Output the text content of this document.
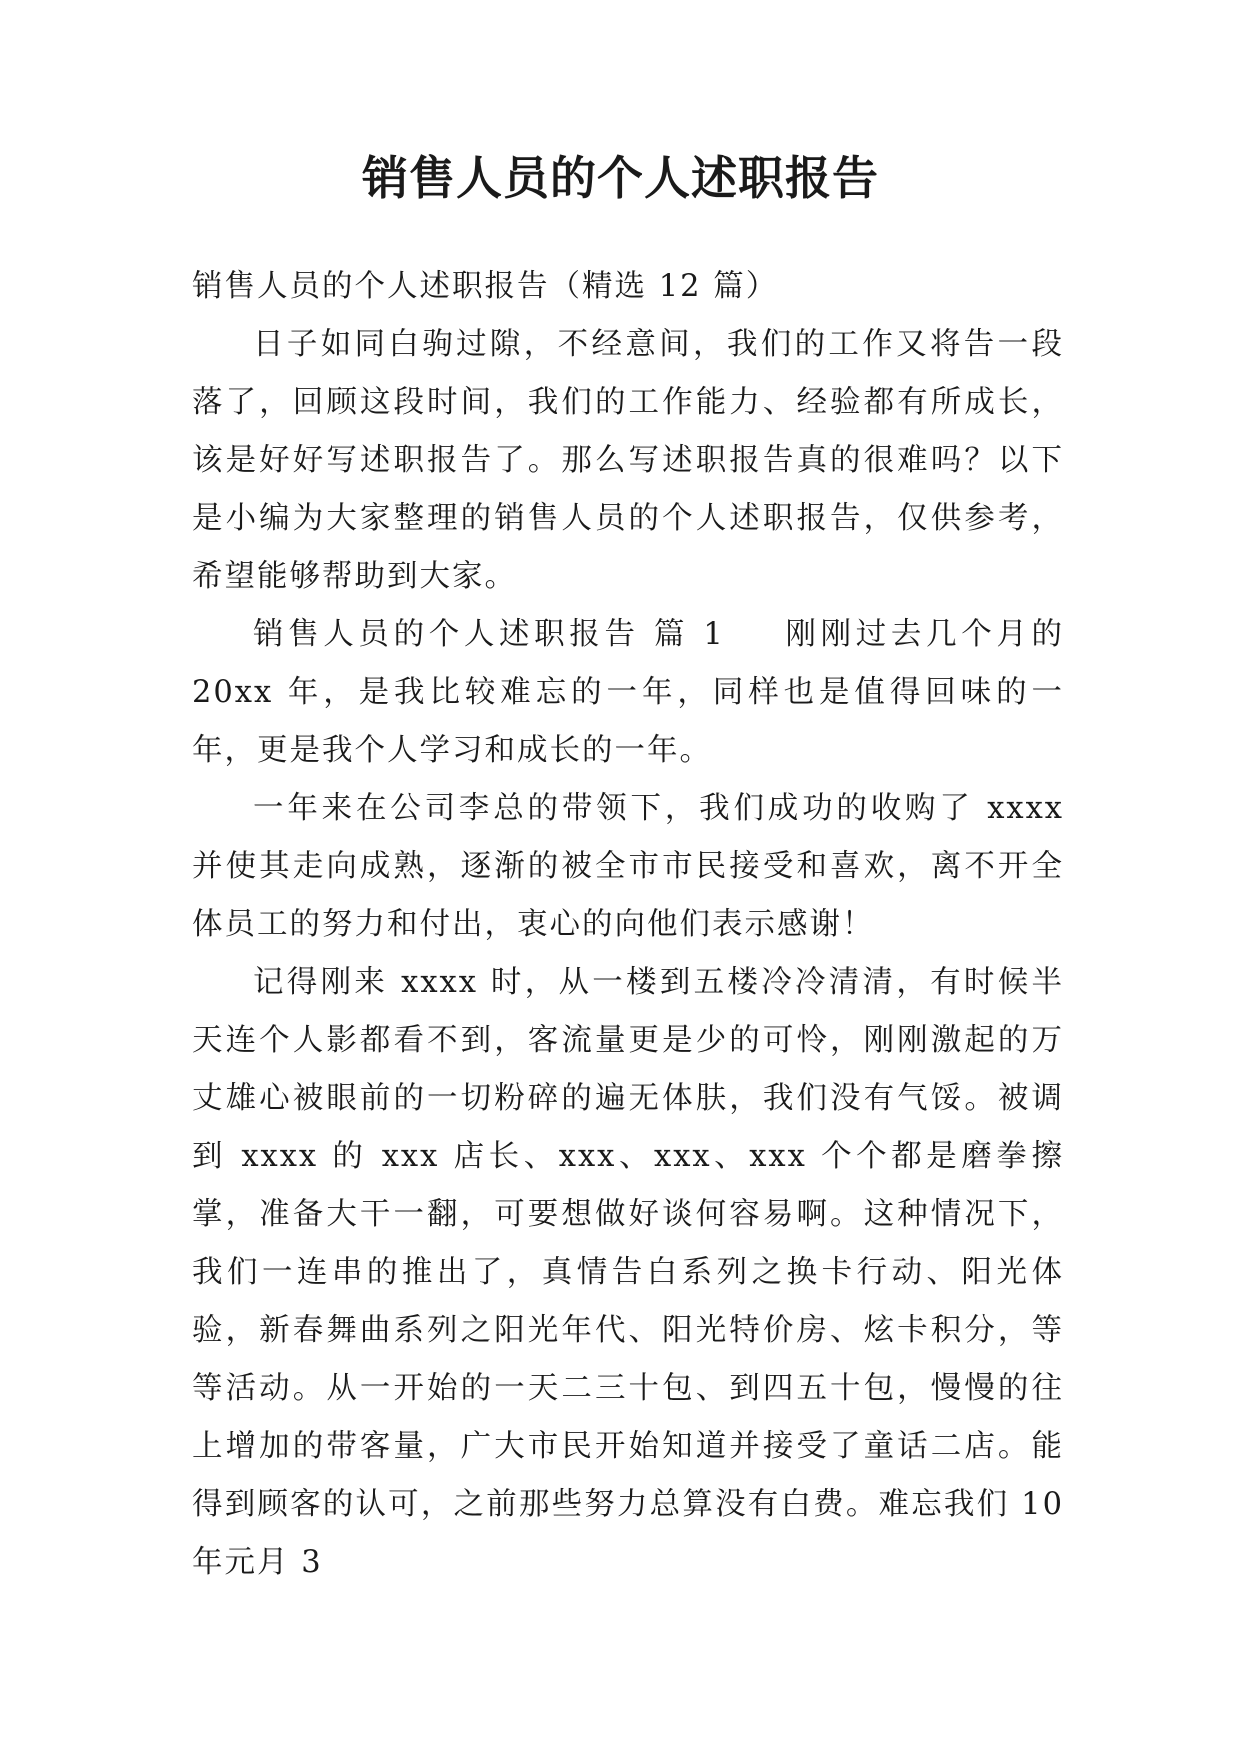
销售人员的个人述职报告

销售人员的个人述职报告（精选 12 篇）

日子如同白驹过隙，不经意间，我们的工作又将告一段落了，回顾这段时间，我们的工作能力、经验都有所成长，该是好好写述职报告了。那么写述职报告真的很难吗？以下是小编为大家整理的销售人员的个人述职报告，仅供参考，希望能够帮助到大家。

销售人员的个人述职报告 篇 1 刚刚过去几个月的 20xx 年，是我比较难忘的一年，同样也是值得回味的一年，更是我个人学习和成长的一年。

一年来在公司李总的带领下，我们成功的收购了 xxxx 并使其走向成熟，逐渐的被全市市民接受和喜欢，离不开全体员工的努力和付出，衷心的向他们表示感谢！

记得刚来 xxxx 时，从一楼到五楼冷冷清清，有时候半天连个人影都看不到，客流量更是少的可怜，刚刚激起的万丈雄心被眼前的一切粉碎的遍无体肤，我们没有气馁。被调到 xxxx 的 xxx 店长、xxx、xxx、xxx 个个都是磨拳擦掌，准备大干一翻，可要想做好谈何容易啊。这种情况下，我们一连串的推出了，真情告白系列之换卡行动、阳光体验，新春舞曲系列之阳光年代、阳光特价房、炫卡积分，等等活动。从一开始的一天二三十包、到四五十包，慢慢的往上增加的带客量，广大市民开始知道并接受了童话二店。能得到顾客的认可，之前那些努力总算没有白费。难忘我们 10 年元月 3
